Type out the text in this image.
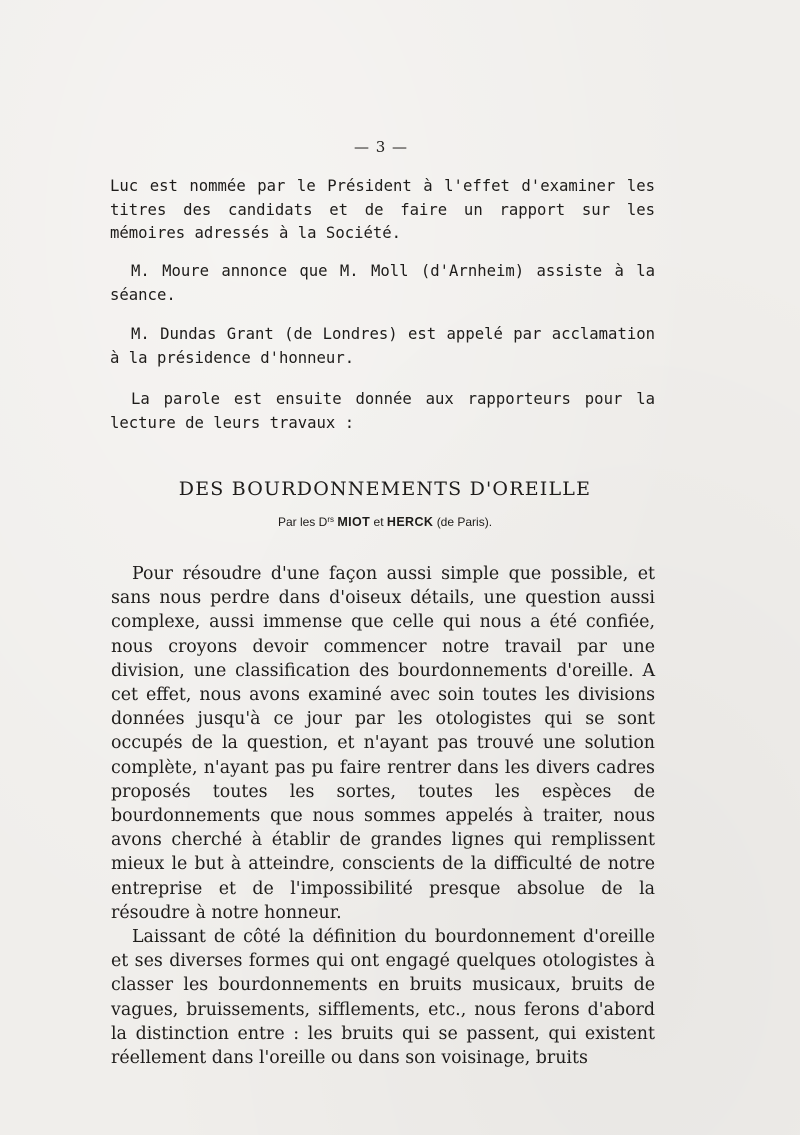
— 3 —

Luc est nommée par le Président à l'effet d'examiner les titres des candidats et de faire un rapport sur les mémoires adressés à la Société.

M. Moure annonce que M. Moll (d'Arnheim) assiste à la séance.

M. Dundas Grant (de Londres) est appelé par acclamation à la présidence d'honneur.

La parole est ensuite donnée aux rapporteurs pour la lecture de leurs travaux :

DES BOURDONNEMENTS D'OREILLE

Par les $D^{rs}$ MIOT et HERCK (de Paris).

Pour résoudre d'une façon aussi simple que possible, et sans nous perdre dans d'oiseux détails, une question aussi complexe, aussi immense que celle qui nous a été confiée, nous croyons devoir commencer notre travail par une division, une classification des bourdonnements d'oreille. A cet effet, nous avons examiné avec soin toutes les divisions données jusqu'à ce jour par les otologistes qui se sont occupés de la question, et n'ayant pas trouvé une solution complète, n'ayant pas pu faire rentrer dans les divers cadres proposés toutes les sortes, toutes les espèces de bourdonnements que nous sommes appelés à traiter, nous avons cherché à établir de grandes lignes qui remplissent mieux le but à atteindre, conscients de la difficulté de notre entreprise et de l'impossibilité presque absolue de la résoudre à notre honneur.

Laissant de côté la définition du bourdonnement d'oreille et ses diverses formes qui ont engagé quelques otologistes à classer les bourdonnements en bruits musicaux, bruits de vagues, bruissements, sifflements, etc., nous ferons d'abord la distinction entre : les bruits qui se passent, qui existent réellement dans l'oreille ou dans son voisinage, bruits
